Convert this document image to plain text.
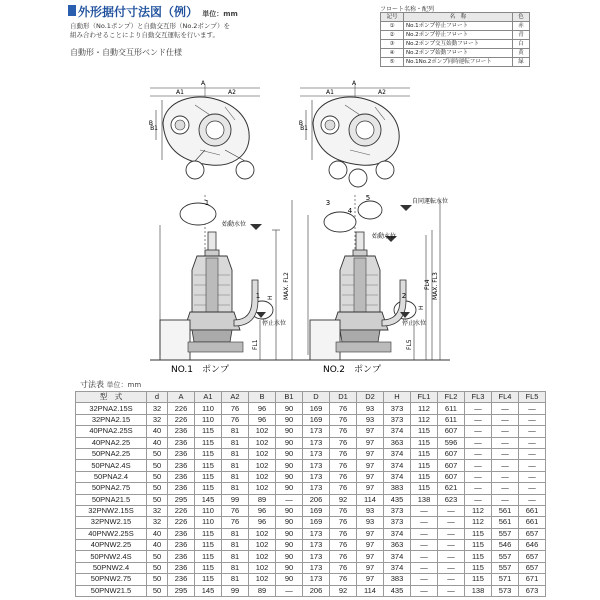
外形据付寸法図（例） 単位：mm
自動形（No.1ポンプ）と自動交互形（No.2ポンプ）を
組み合わせることにより自動交互運転を行います。
自動形・自動交互形ベンド仕様
フロート名称・配列
記号	名　称	色
①	No.1ポンプ停止フロート	赤
②	No.2ポンプ停止フロート	青
③	No.2ポンプ交互始動フロート	白
④	No.2ポンプ始動フロート	黄
⑤	No.1No.2ポンプ同時運転フロート	緑
A
A1	A2
B1
B
1
1
始動水位
停止水位
MAX. FL2
H
FL1
NO.1　ポンプ
A
A1	A2
B1
B
5
4
3
2
自同運転水位
始動水位
停止水位
MAX. FL3
FL4
H
FL5
NO.2　ポンプ
寸法表 単位：mm
型　式	d	A	A1	A2	B	B1	D	D1	D2	H	FL1	FL2	FL3	FL4	FL5
32PNA2.15S	32	226	110	76	96	90	169	76	93	373	112	611	—	—	—
32PNA2.15	32	226	110	76	96	90	169	76	93	373	112	611	—	—	—
40PNA2.25S	40	236	115	81	102	90	173	76	97	374	115	607	—	—	—
40PNA2.25	40	236	115	81	102	90	173	76	97	363	115	596	—	—	—
50PNA2.25	50	236	115	81	102	90	173	76	97	374	115	607	—	—	—
50PNA2.4S	50	236	115	81	102	90	173	76	97	374	115	607	—	—	—
50PNA2.4	50	236	115	81	102	90	173	76	97	374	115	607	—	—	—
50PNA2.75	50	236	115	81	102	90	173	76	97	383	115	621	—	—	—
50PNA21.5	50	295	145	99	89	—	206	92	114	435	138	623	—	—	—
32PNW2.15S	32	226	110	76	96	90	169	76	93	373	—	—	112	561	661
32PNW2.15	32	226	110	76	96	90	169	76	93	373	—	—	112	561	661
40PNW2.25S	40	236	115	81	102	90	173	76	97	374	—	—	115	557	657
40PNW2.25	40	236	115	81	102	90	173	76	97	363	—	—	115	546	646
50PNW2.4S	50	236	115	81	102	90	173	76	97	374	—	—	115	557	657
50PNW2.4	50	236	115	81	102	90	173	76	97	374	—	—	115	557	657
50PNW2.75	50	236	115	81	102	90	173	76	97	383	—	—	115	571	671
50PNW21.5	50	295	145	99	89	—	206	92	114	435	—	—	138	573	673
